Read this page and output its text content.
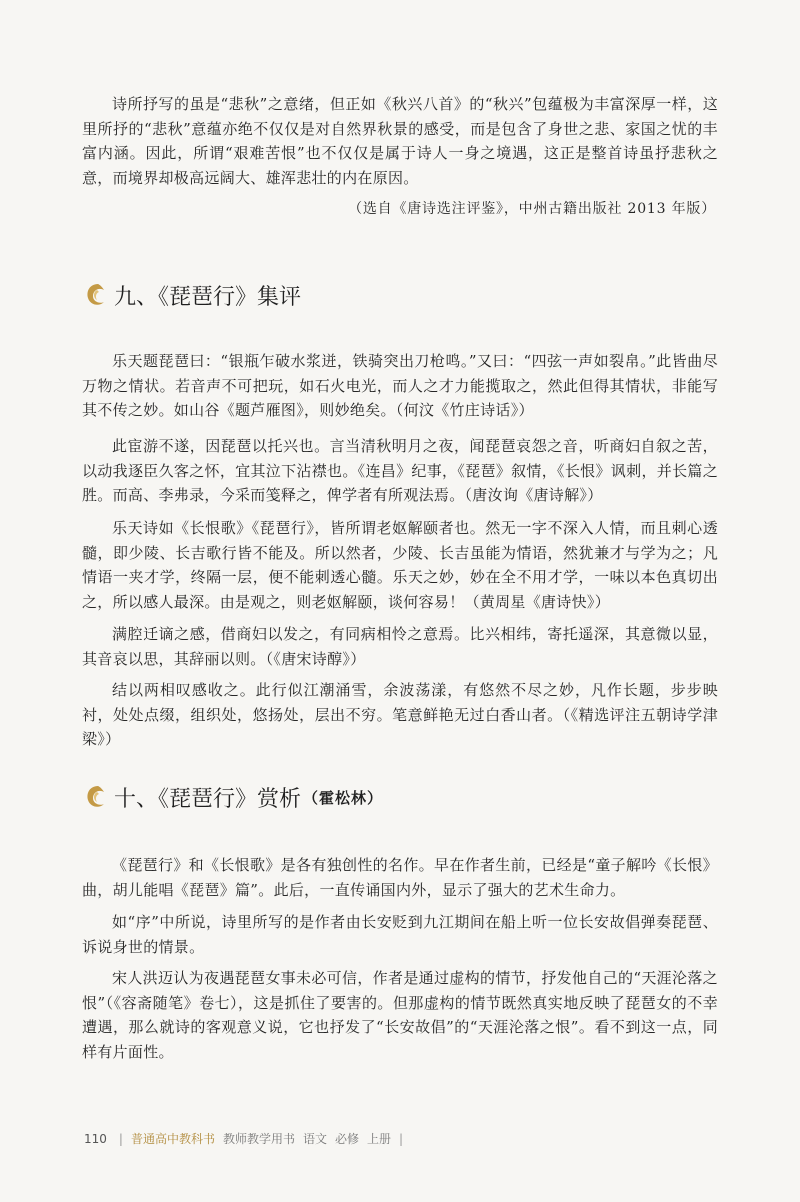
诗所抒写的虽是“悲秋”之意绪，但正如《秋兴八首》的“秋兴”包蕴极为丰富深厚一样，这里所抒的“悲秋”意蕴亦绝不仅仅是对自然界秋景的感受，而是包含了身世之悲、家国之忧的丰富内涵。因此，所谓“艰难苦恨”也不仅仅是属于诗人一身之境遇，这正是整首诗虽抒悲秋之意，而境界却极高远阔大、雄浑悲壮的内在原因。

（选自《唐诗选注评鉴》，中州古籍出版社 2013 年版）
九、《琵琶行》集评

乐天题琵琶曰：“银瓶乍破水浆迸，铁骑突出刀枪鸣。”又曰：“四弦一声如裂帛。”此皆曲尽万物之情状。若音声不可把玩，如石火电光，而人之才力能揽取之，然此但得其情状，非能写其不传之妙。如山谷《题芦雁图》，则妙绝矣。（何汶《竹庄诗话》）

此宦游不遂，因琵琶以托兴也。言当清秋明月之夜，闻琵琶哀怨之音，听商妇自叙之苦，以动我逐臣久客之怀，宜其泣下沾襟也。《连昌》纪事，《琵琶》叙情，《长恨》讽刺，并长篇之胜。而高、李弗录，今采而笺释之，俾学者有所观法焉。（唐汝询《唐诗解》）

乐天诗如《长恨歌》《琵琶行》，皆所谓老妪解颐者也。然无一字不深入人情，而且刺心透髓，即少陵、长吉歌行皆不能及。所以然者，少陵、长吉虽能为情语，然犹兼才与学为之；凡情语一夹才学，终隔一层，便不能刺透心髓。乐天之妙，妙在全不用才学，一味以本色真切出之，所以感人最深。由是观之，则老妪解颐，谈何容易！（黄周星《唐诗快》）

满腔迁谪之感，借商妇以发之，有同病相怜之意焉。比兴相纬，寄托遥深，其意微以显，其音哀以思，其辞丽以则。（《唐宋诗醇》）

结以两相叹感收之。此行似江潮涌雪，余波荡漾，有悠然不尽之妙，凡作长题，步步映衬，处处点缀，组织处，悠扬处，层出不穷。笔意鲜艳无过白香山者。（《精选评注五朝诗学津梁》）

十、《琵琶行》赏析 （霍松林）

《琵琶行》和《长恨歌》是各有独创性的名作。早在作者生前，已经是“童子解吟《长恨》曲，胡儿能唱《琵琶》篇”。此后，一直传诵国内外，显示了强大的艺术生命力。

如“序”中所说，诗里所写的是作者由长安贬到九江期间在船上听一位长安故倡弹奏琵琶、诉说身世的情景。

宋人洪迈认为夜遇琵琶女事未必可信，作者是通过虚构的情节，抒发他自己的“天涯沦落之恨”（《容斋随笔》卷七），这是抓住了要害的。但那虚构的情节既然真实地反映了琵琶女的不幸遭遇，那么就诗的客观意义说，它也抒发了“长安故倡”的“天涯沦落之恨”。看不到这一点，同样有片面性。

110 | 普通高中教科书 教师教学用书 语文 必修 上册 |
